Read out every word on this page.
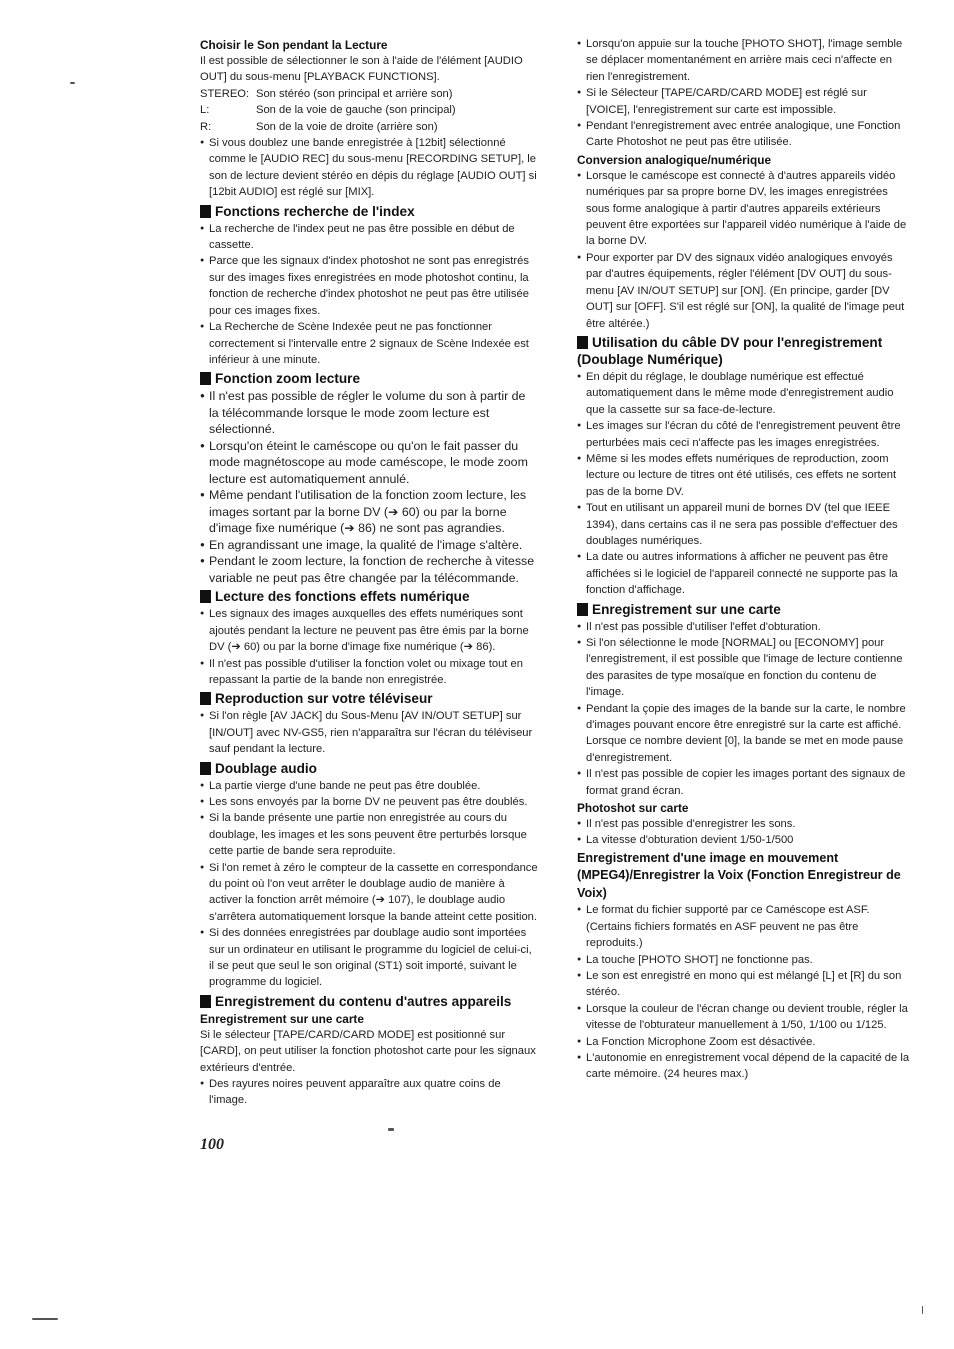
Choisir le Son pendant la Lecture

Il est possible de sélectionner le son à l'aide de l'élément [AUDIO OUT] du sous-menu [PLAYBACK FUNCTIONS].

STEREO: Son stéréo (son principal et arrière son)
L:	Son de la voie de gauche (son principal)
R:	Son de la voie de droite (arrière son)
● Si vous doublez une bande enregistrée à [12bit] sélectionné comme le [AUDIO REC] du sous-menu [RECORDING SETUP], le son de lecture devient stéréo en dépis du réglage [AUDIO OUT] si [12bit AUDIO] est réglé sur [MIX].
Fonctions recherche de l'index
● La recherche de l'index peut ne pas être possible en début de cassette.
● Parce que les signaux d'index photoshot ne sont pas enregistrés sur des images fixes enregistrées en mode photoshot continu, la fonction de recherche d'index photoshot ne peut pas être utilisée pour ces images fixes.
● La Recherche de Scène Indexée peut ne pas fonctionner correctement si l'intervalle entre 2 signaux de Scène Indexée est inférieur à une minute.
Fonction zoom lecture
● Il n'est pas possible de régler le volume du son à partir de la télécommande lorsque le mode zoom lecture est sélectionné.
● Lorsqu'on éteint le caméscope ou qu'on le fait passer du mode magnétoscope au mode caméscope, le mode zoom lecture est automatiquement annulé.
● Même pendant l'utilisation de la fonction zoom lecture, les images sortant par la borne DV (➔ 60) ou par la borne d'image fixe numérique (➔ 86) ne sont pas agrandies.
● En agrandissant une image, la qualité de l'image s'altère.
● Pendant le zoom lecture, la fonction de recherche à vitesse variable ne peut pas être changée par la télécommande.
Lecture des fonctions effets numérique
● Les signaux des images auxquelles des effets numériques sont ajoutés pendant la lecture ne peuvent pas être émis par la borne DV (➔ 60) ou par la borne d'image fixe numérique (➔ 86).
● Il n'est pas possible d'utiliser la fonction volet ou mixage tout en repassant la partie de la bande non enregistrée.
Reproduction sur votre téléviseur
● Si l'on règle [AV JACK] du Sous-Menu [AV IN/OUT SETUP] sur [IN/OUT] avec NV-GS5, rien n'apparaîtra sur l'écran du téléviseur sauf pendant la lecture.
Doublage audio
● La partie vierge d'une bande ne peut pas être doublée.
● Les sons envoyés par la borne DV ne peuvent pas être doublés.
● Si la bande présente une partie non enregistrée au cours du doublage, les images et les sons peuvent être perturbés lorsque cette partie de bande sera reproduite.
● Si l'on remet à zéro le compteur de la cassette en correspondance du point où l'on veut arrêter le doublage audio de manière à activer la fonction arrêt mémoire (➔ 107), le doublage audio s'arrêtera automatiquement lorsque la bande atteint cette position.
● Si des données enregistrées par doublage audio sont importées sur un ordinateur en utilisant le programme du logiciel de celui-ci, il se peut que seul le son original (ST1) soit importé, suivant le programme du logiciel.
Enregistrement du contenu d'autres appareils
Enregistrement sur une carte

Si le sélecteur [TAPE/CARD/CARD MODE] est positionné sur [CARD], on peut utiliser la fonction photoshot carte pour les signaux extérieurs d'entrée.

● Des rayures noires peuvent apparaître aux quatre coins de l'image.
100
● Lorsqu'on appuie sur la touche [PHOTO SHOT], l'image semble se déplacer momentanément en arrière mais ceci n'affecte en rien l'enregistrement.
● Si le Sélecteur [TAPE/CARD/CARD MODE] est réglé sur [VOICE], l'enregistrement sur carte est impossible.
● Pendant l'enregistrement avec entrée analogique, une Fonction Carte Photoshot ne peut pas être utilisée.
Conversion analogique/numérique
● Lorsque le caméscope est connecté à d'autres appareils vidéo numériques par sa propre borne DV, les images enregistrées sous forme analogique à partir d'autres appareils extérieurs peuvent être exportées sur l'appareil vidéo numérique à l'aide de la borne DV.
● Pour exporter par DV des signaux vidéo analogiques envoyés par d'autres équipements, régler l'élément [DV OUT] du sous-menu [AV IN/OUT SETUP] sur [ON]. (En principe, garder [DV OUT] sur [OFF]. S'il est réglé sur [ON], la qualité de l'image peut être altérée.)
Utilisation du câble DV pour l'enregistrement (Doublage Numérique)
● En dépit du réglage, le doublage numérique est effectué automatiquement dans le même mode d'enregistrement audio que la cassette sur sa face-de-lecture.
● Les images sur l'écran du côté de l'enregistrement peuvent être perturbées mais ceci n'affecte pas les images enregistrées.
● Même si les modes effets numériques de reproduction, zoom lecture ou lecture de titres ont été utilisés, ces effets ne sortent pas de la borne DV.
● Tout en utilisant un appareil muni de bornes DV (tel que IEEE 1394), dans certains cas il ne sera pas possible d'effectuer des doublages numériques.
● La date ou autres informations à afficher ne peuvent pas être affichées si le logiciel de l'appareil connecté ne supporte pas la fonction d'affichage.
Enregistrement sur une carte
● Il n'est pas possible d'utiliser l'effet d'obturation.
● Si l'on sélectionne le mode [NORMAL] ou [ECONOMY] pour l'enregistrement, il est possible que l'image de lecture contienne des parasites de type mosaïque en fonction du contenu de l'image.
● Pendant la çopie des images de la bande sur la carte, le nombre d'images pouvant encore être enregistré sur la carte est affiché. Lorsque ce nombre devient [0], la bande se met en mode pause d'enregistrement.
● Il n'est pas possible de copier les images portant des signaux de format grand écran.
Photoshot sur carte
● Il n'est pas possible d'enregistrer les sons.
● La vitesse d'obturation devient 1/50-1/500
Enregistrement d'une image en mouvement (MPEG4)/Enregistrer la Voix (Fonction Enregistreur de Voix)
● Le format du fichier supporté par ce Caméscope est ASF. (Certains fichiers formatés en ASF peuvent ne pas être reproduits.)
● La touche [PHOTO SHOT] ne fonctionne pas.
● Le son est enregistré en mono qui est mélangé [L] et [R] du son stéréo.
● Lorsque la couleur de l'écran change ou devient trouble, régler la vitesse de l'obturateur manuellement à 1/50, 1/100 ou 1/125.
● La Fonction Microphone Zoom est désactivée.
● L'autonomie en enregistrement vocal dépend de la capacité de la carte mémoire. (24 heures max.)
